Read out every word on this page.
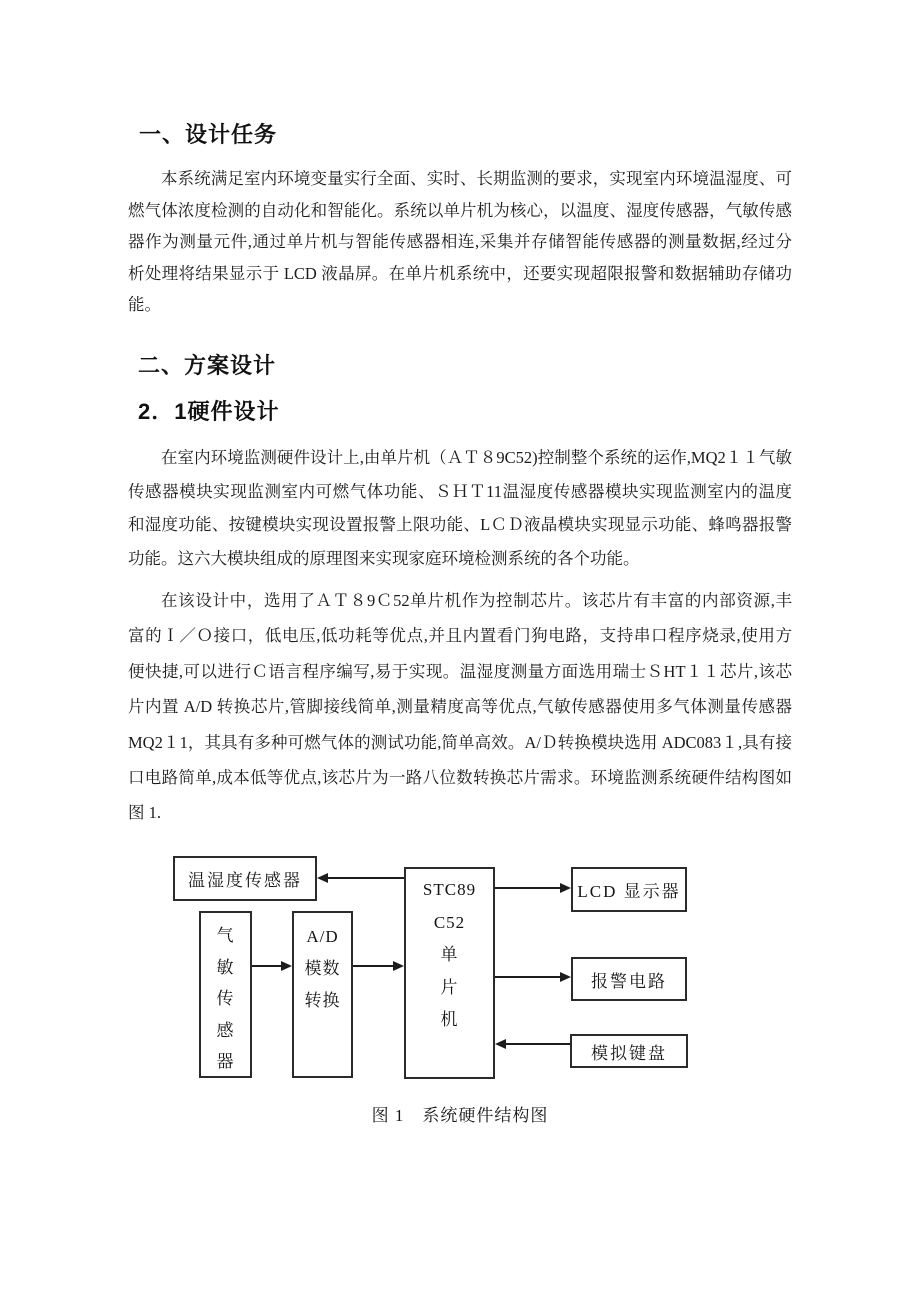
一、设计任务
本系统满足室内环境变量实行全面、实时、长期监测的要求，实现室内环境温湿度、可
燃气体浓度检测的自动化和智能化。系统以单片机为核心，以温度、湿度传感器，气敏传感
器作为测量元件,通过单片机与智能传感器相连,采集并存储智能传感器的测量数据,经过分
析处理将结果显示于 LCD 液晶屏。在单片机系统中，还要实现超限报警和数据辅助存储功
能。
二、方案设计
2．1硬件设计
在室内环境监测硬件设计上,由单片机（ＡＴ８9C52)控制整个系统的运作,MQ2１１气敏
传感器模块实现监测室内可燃气体功能、ＳＨＴ11温湿度传感器模块实现监测室内的温度
和湿度功能、按键模块实现设置报警上限功能、LＣＤ液晶模块实现显示功能、蜂鸣器报警
功能。这六大模块组成的原理图来实现家庭环境检测系统的各个功能。
在该设计中，选用了ＡＴ８9Ｃ52单片机作为控制芯片。该芯片有丰富的内部资源,丰
富的Ｉ／Ｏ接口，低电压,低功耗等优点,并且内置看门狗电路，支持串口程序烧录,使用方
便快捷,可以进行Ｃ语言程序编写,易于实现。温湿度测量方面选用瑞士ＳHT１１芯片,该芯
片内置 A/D 转换芯片,管脚接线简单,测量精度高等优点,气敏传感器使用多气体测量传感器
MQ2１1，其具有多种可燃气体的测试功能,简单高效。A/Ｄ转换模块选用 ADC083１,具有接
口电路简单,成本低等优点,该芯片为一路八位数转换芯片需求。环境监测系统硬件结构图如
图 1.
温湿度传感器
气
敏
传
感
器
A/D
模数
转换
STC89
C52
单
片
机
LCD 显示器
报警电路
模拟键盘
图 1　系统硬件结构图
